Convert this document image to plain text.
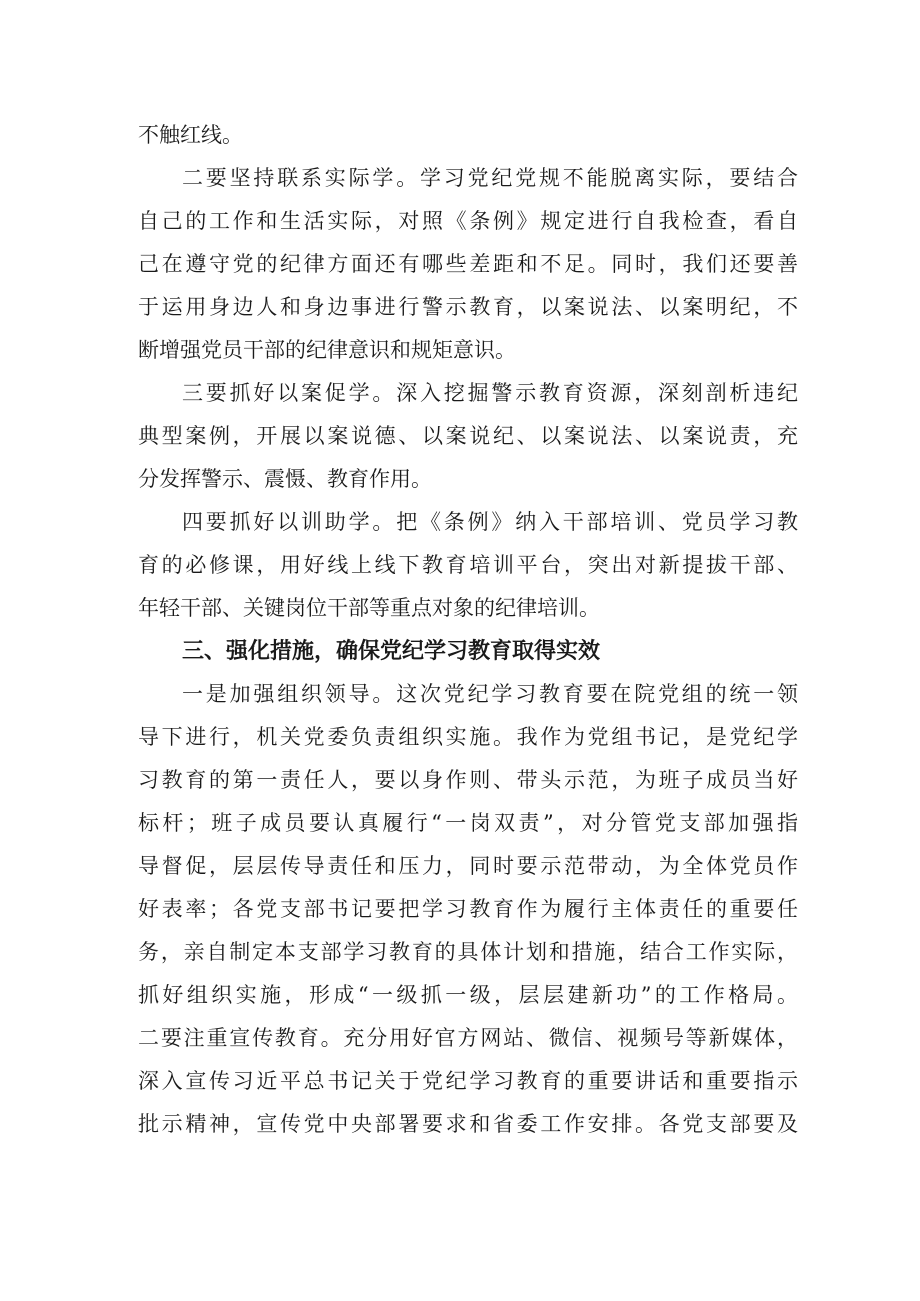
不触红线。
二要坚持联系实际学。学习党纪党规不能脱离实际，要结合
自己的工作和生活实际，对照《条例》规定进行自我检查，看自
己在遵守党的纪律方面还有哪些差距和不足。同时，我们还要善
于运用身边人和身边事进行警示教育，以案说法、以案明纪，不
断增强党员干部的纪律意识和规矩意识。
三要抓好以案促学。深入挖掘警示教育资源，深刻剖析违纪
典型案例，开展以案说德、以案说纪、以案说法、以案说责，充
分发挥警示、震慑、教育作用。
四要抓好以训助学。把《条例》纳入干部培训、党员学习教
育的必修课，用好线上线下教育培训平台，突出对新提拔干部、
年轻干部、关键岗位干部等重点对象的纪律培训。
三、强化措施，确保党纪学习教育取得实效
一是加强组织领导。这次党纪学习教育要在院党组的统一领
导下进行，机关党委负责组织实施。我作为党组书记，是党纪学
习教育的第一责任人，要以身作则、带头示范，为班子成员当好
标杆；班子成员要认真履行“一岗双责”，对分管党支部加强指
导督促，层层传导责任和压力，同时要示范带动，为全体党员作
好表率；各党支部书记要把学习教育作为履行主体责任的重要任
务，亲自制定本支部学习教育的具体计划和措施，结合工作实际，
抓好组织实施，形成“一级抓一级，层层建新功”的工作格局。
二要注重宣传教育。充分用好官方网站、微信、视频号等新媒体，
深入宣传习近平总书记关于党纪学习教育的重要讲话和重要指示
批示精神，宣传党中央部署要求和省委工作安排。各党支部要及
